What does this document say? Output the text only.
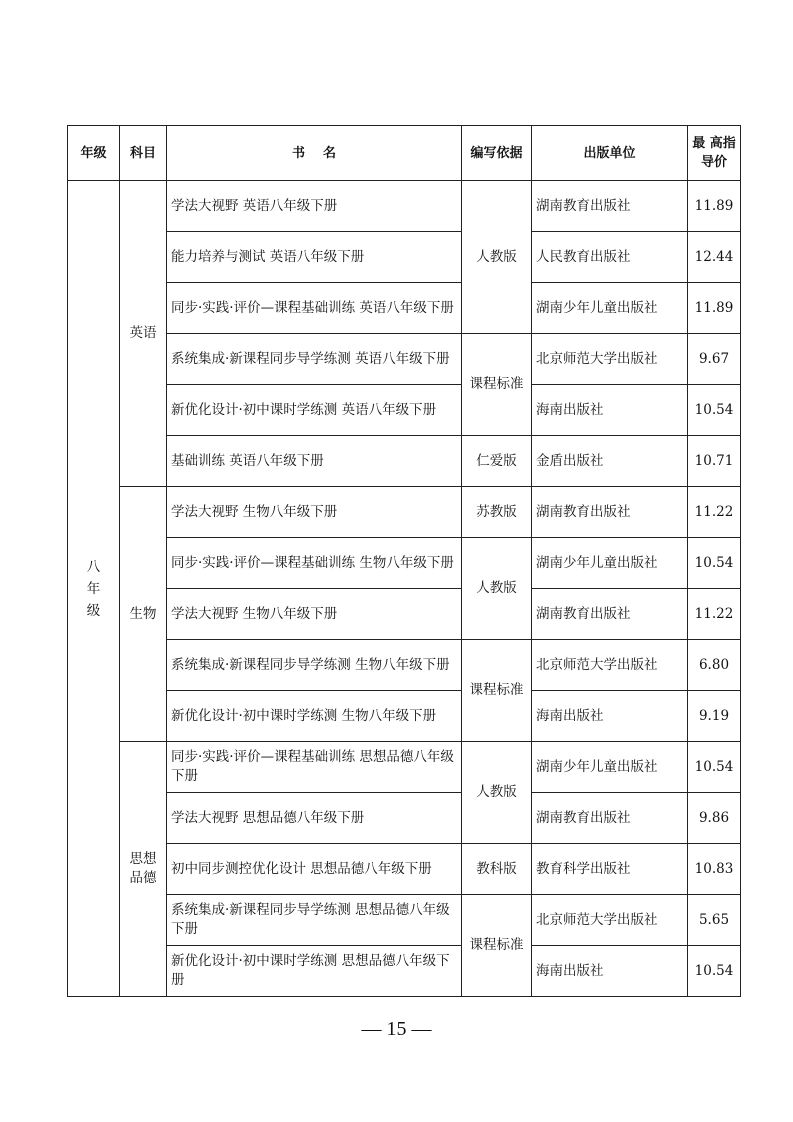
年级	科目	书    名	编写依据	出版单位	最 高指导价
八年级	英语	学法大视野 英语八年级下册	人教版	湖南教育出版社	11.89
		能力培养与测试 英语八年级下册		人民教育出版社	12.44
		同步·实践·评价—课程基础训练 英语八年级下册		湖南少年儿童出版社	11.89
		系统集成·新课程同步导学练测 英语八年级下册	课程标准	北京师范大学出版社	9.67
		新优化设计·初中课时学练测 英语八年级下册		海南出版社	10.54
		基础训练 英语八年级下册	仁爱版	金盾出版社	10.71
	生物	学法大视野 生物八年级下册	苏教版	湖南教育出版社	11.22
		同步·实践·评价—课程基础训练 生物八年级下册	人教版	湖南少年儿童出版社	10.54
		学法大视野 生物八年级下册		湖南教育出版社	11.22
		系统集成·新课程同步导学练测 生物八年级下册	课程标准	北京师范大学出版社	6.80
		新优化设计·初中课时学练测 生物八年级下册		海南出版社	9.19
	思想品德	同步·实践·评价—课程基础训练 思想品德八年级下册	人教版	湖南少年儿童出版社	10.54
		学法大视野 思想品德八年级下册		湖南教育出版社	9.86
		初中同步测控优化设计 思想品德八年级下册	教科版	教育科学出版社	10.83
		系统集成·新课程同步导学练测 思想品德八年级下册	课程标准	北京师范大学出版社	5.65
		新优化设计·初中课时学练测 思想品德八年级下册		海南出版社	10.54
— 15 —
